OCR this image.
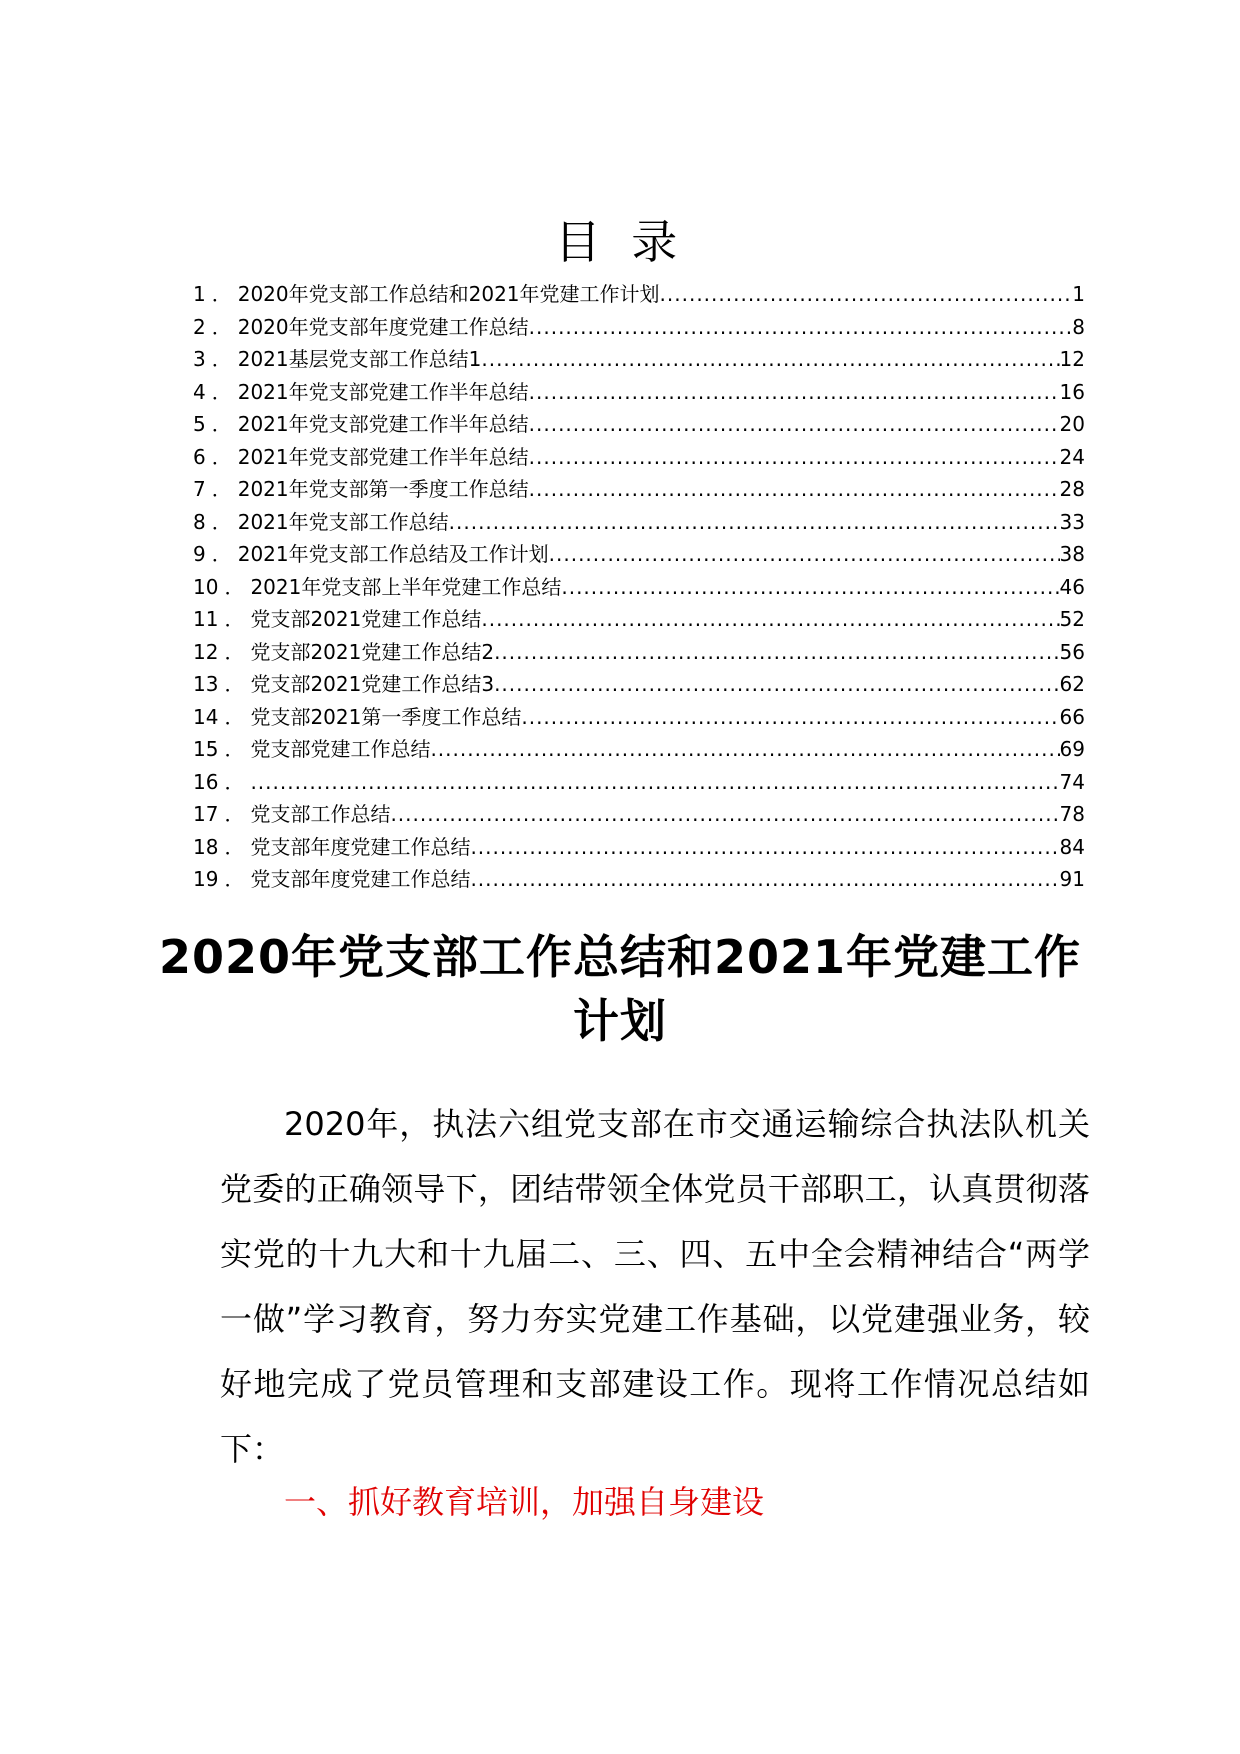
目 录
1 ． 2020年党支部工作总结和2021年党建工作计划 .....	1
2 ． 2020年党支部年度党建工作总结 .....	8
3 ． 2021基层党支部工作总结1 .....	12
4 ． 2021年党支部党建工作半年总结 .....	16
5 ． 2021年党支部党建工作半年总结 .....	20
6 ． 2021年党支部党建工作半年总结 .....	24
7 ． 2021年党支部第一季度工作总结 .....	28
8 ． 2021年党支部工作总结 .....	33
9 ． 2021年党支部工作总结及工作计划 .....	38
10 ． 2021年党支部上半年党建工作总结 .....	46
11 ． 党支部2021党建工作总结 .....	52
12 ． 党支部2021党建工作总结2 .....	56
13 ． 党支部2021党建工作总结3 .....	62
14 ． 党支部2021第一季度工作总结 .....	66
15 ． 党支部党建工作总结 .....	69
16 ． .....	74
17 ． 党支部工作总结 .....	78
18 ． 党支部年度党建工作总结 .....	84
19 ． 党支部年度党建工作总结 .....	91
2020年党支部工作总结和2021年党建工作计划

2020年，执法六组党支部在市交通运输综合执法队机关党委的正确领导下，团结带领全体党员干部职工，认真贯彻落实党的十九大和十九届二、三、四、五中全会精神结合“两学一做”学习教育，努力夯实党建工作基础，以党建强业务，较好地完成了党员管理和支部建设工作。现将工作情况总结如下：

一、抓好教育培训，加强自身建设
